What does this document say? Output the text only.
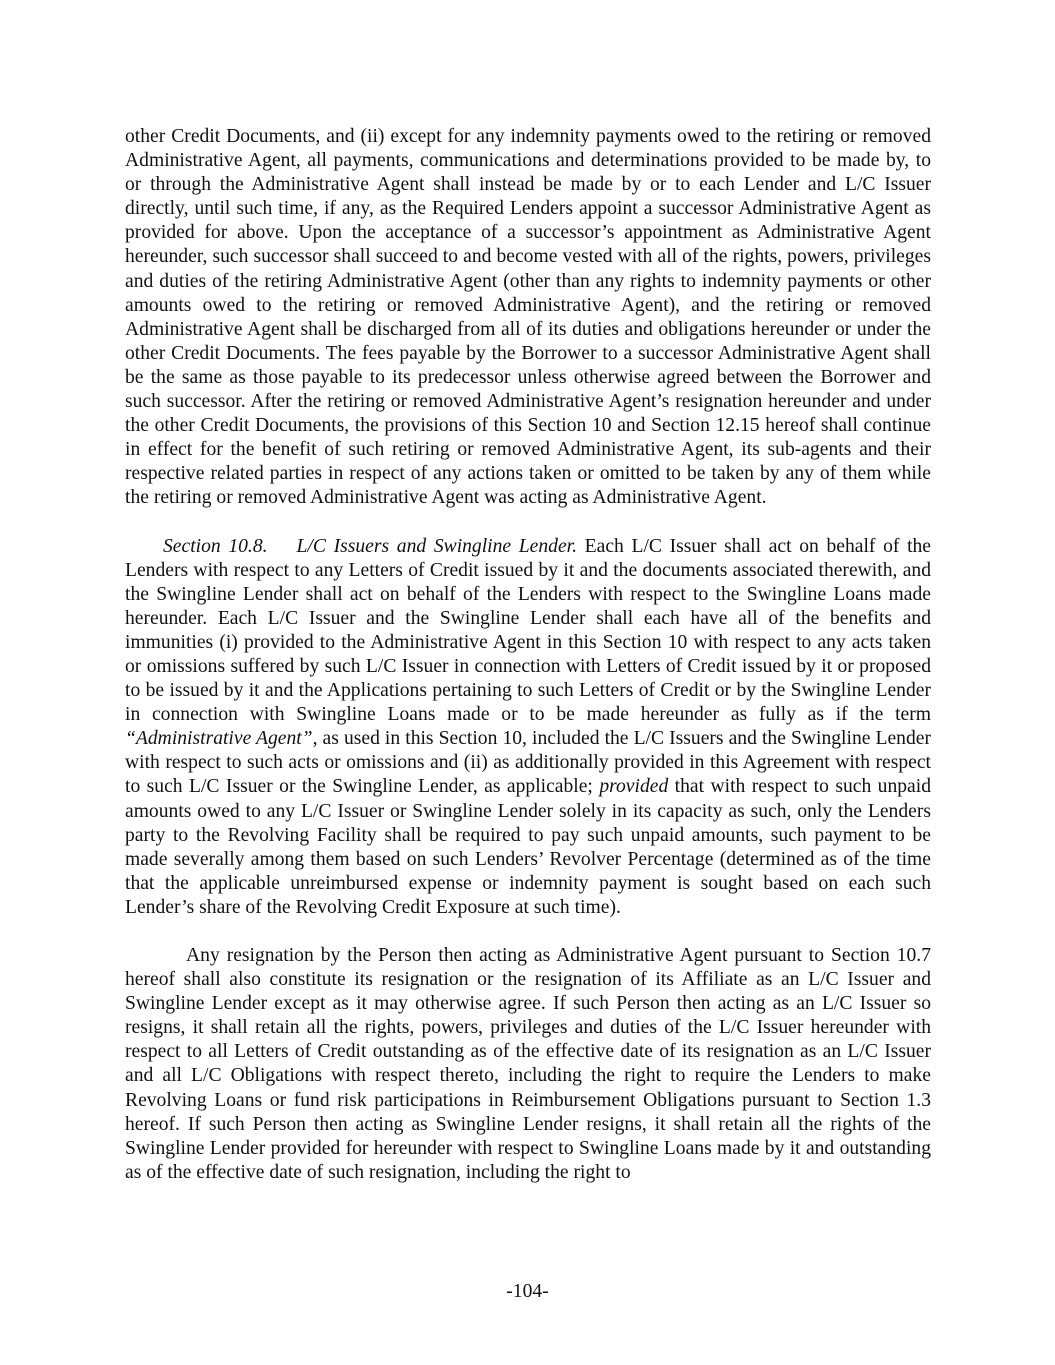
other Credit Documents, and (ii) except for any indemnity payments owed to the retiring or removed Administrative Agent, all payments, communications and determinations provided to be made by, to or through the Administrative Agent shall instead be made by or to each Lender and L/C Issuer directly, until such time, if any, as the Required Lenders appoint a successor Administrative Agent as provided for above. Upon the acceptance of a successor’s appointment as Administrative Agent hereunder, such successor shall succeed to and become vested with all of the rights, powers, privileges and duties of the retiring Administrative Agent (other than any rights to indemnity payments or other amounts owed to the retiring or removed Administrative Agent), and the retiring or removed Administrative Agent shall be discharged from all of its duties and obligations hereunder or under the other Credit Documents. The fees payable by the Borrower to a successor Administrative Agent shall be the same as those payable to its predecessor unless otherwise agreed between the Borrower and such successor. After the retiring or removed Administrative Agent’s resignation hereunder and under the other Credit Documents, the provisions of this Section 10 and Section 12.15 hereof shall continue in effect for the benefit of such retiring or removed Administrative Agent, its sub-agents and their respective related parties in respect of any actions taken or omitted to be taken by any of them while the retiring or removed Administrative Agent was acting as Administrative Agent.

Section 10.8. L/C Issuers and Swingline Lender. Each L/C Issuer shall act on behalf of the Lenders with respect to any Letters of Credit issued by it and the documents associated therewith, and the Swingline Lender shall act on behalf of the Lenders with respect to the Swingline Loans made hereunder. Each L/C Issuer and the Swingline Lender shall each have all of the benefits and immunities (i) provided to the Administrative Agent in this Section 10 with respect to any acts taken or omissions suffered by such L/C Issuer in connection with Letters of Credit issued by it or proposed to be issued by it and the Applications pertaining to such Letters of Credit or by the Swingline Lender in connection with Swingline Loans made or to be made hereunder as fully as if the term “Administrative Agent”, as used in this Section 10, included the L/C Issuers and the Swingline Lender with respect to such acts or omissions and (ii) as additionally provided in this Agreement with respect to such L/C Issuer or the Swingline Lender, as applicable; provided that with respect to such unpaid amounts owed to any L/C Issuer or Swingline Lender solely in its capacity as such, only the Lenders party to the Revolving Facility shall be required to pay such unpaid amounts, such payment to be made severally among them based on such Lenders’ Revolver Percentage (determined as of the time that the applicable unreimbursed expense or indemnity payment is sought based on each such Lender’s share of the Revolving Credit Exposure at such time).

Any resignation by the Person then acting as Administrative Agent pursuant to Section 10.7 hereof shall also constitute its resignation or the resignation of its Affiliate as an L/C Issuer and Swingline Lender except as it may otherwise agree. If such Person then acting as an L/C Issuer so resigns, it shall retain all the rights, powers, privileges and duties of the L/C Issuer hereunder with respect to all Letters of Credit outstanding as of the effective date of its resignation as an L/C Issuer and all L/C Obligations with respect thereto, including the right to require the Lenders to make Revolving Loans or fund risk participations in Reimbursement Obligations pursuant to Section 1.3 hereof. If such Person then acting as Swingline Lender resigns, it shall retain all the rights of the Swingline Lender provided for hereunder with respect to Swingline Loans made by it and outstanding as of the effective date of such resignation, including the right to

-104-
